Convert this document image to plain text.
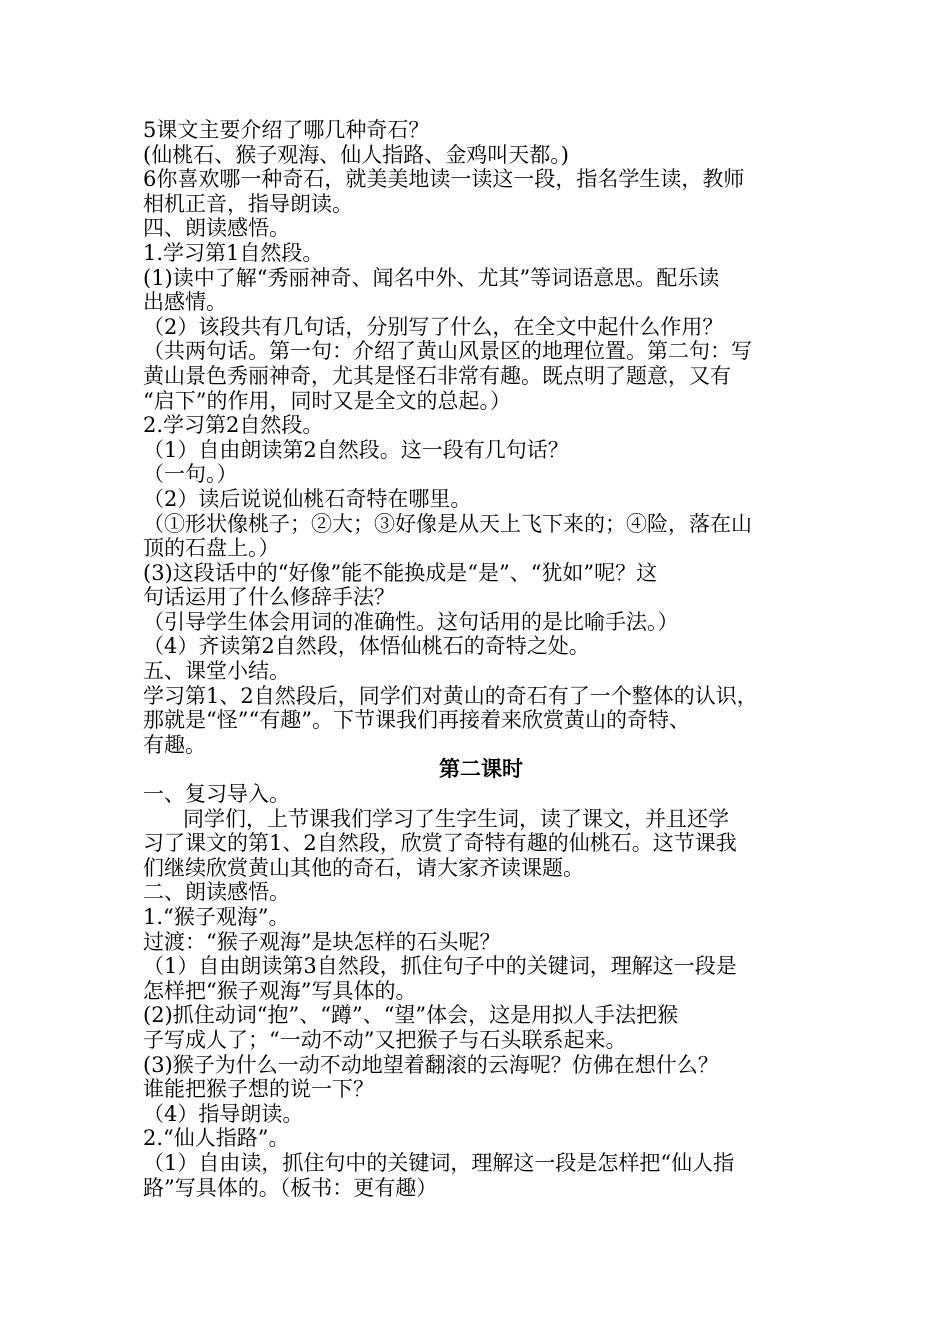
5课文主要介绍了哪几种奇石？
(仙桃石、猴子观海、仙人指路、金鸡叫天都。)
6你喜欢哪一种奇石，就美美地读一读这一段，指名学生读，教师
相机正音，指导朗读。
四、朗读感悟。
1.学习第1自然段。
(1)读中了解“秀丽神奇、闻名中外、尤其”等词语意思。配乐读
出感情。
（2）该段共有几句话，分别写了什么，在全文中起什么作用？
（共两句话。第一句：介绍了黄山风景区的地理位置。第二句：写
黄山景色秀丽神奇，尤其是怪石非常有趣。既点明了题意，又有
“启下”的作用，同时又是全文的总起。）
2.学习第2自然段。
（1）自由朗读第2自然段。这一段有几句话？
（一句。）
（2）读后说说仙桃石奇特在哪里。
（①形状像桃子；②大；③好像是从天上飞下来的；④险，落在山
顶的石盘上。）
(3)这段话中的“好像”能不能换成是“是”、“犹如”呢？这
句话运用了什么修辞手法？
（引导学生体会用词的准确性。这句话用的是比喻手法。）
（4）齐读第2自然段，体悟仙桃石的奇特之处。
五、课堂小结。
学习第1、2自然段后，同学们对黄山的奇石有了一个整体的认识，
那就是“怪”“有趣”。下节课我们再接着来欣赏黄山的奇特、
有趣。
第二课时
一、复习导入。
同学们，上节课我们学习了生字生词，读了课文，并且还学
习了课文的第1、2自然段，欣赏了奇特有趣的仙桃石。这节课我
们继续欣赏黄山其他的奇石，请大家齐读课题。
二、朗读感悟。
1.“猴子观海”。
过渡：“猴子观海”是块怎样的石头呢？
（1）自由朗读第3自然段，抓住句子中的关键词，理解这一段是
怎样把“猴子观海”写具体的。
(2)抓住动词“抱”、“蹲”、“望”体会，这是用拟人手法把猴
子写成人了；“一动不动”又把猴子与石头联系起来。
(3)猴子为什么一动不动地望着翻滚的云海呢？仿佛在想什么？
谁能把猴子想的说一下？
（4）指导朗读。
2.“仙人指路”。
（1）自由读，抓住句中的关键词，理解这一段是怎样把“仙人指
路”写具体的。（板书：更有趣）
